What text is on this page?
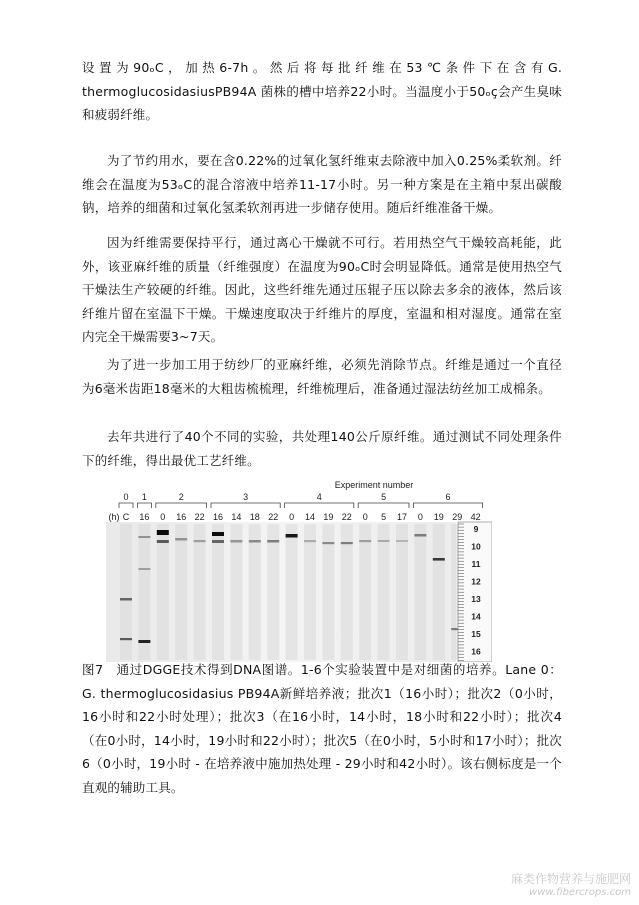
设置为90ₒC，加热6-7h。然后将每批纤维在53℃条件下在含有G. thermoglucosidasiusPB94A 菌株的槽中培养22小时。当温度小于50ₒç会产生臭味和疲弱纤维。

为了节约用水，要在含0.22%的过氧化氢纤维束去除液中加入0.25%柔软剂。纤维会在温度为53ₒC的混合溶液中培养11-17小时。另一种方案是在主箱中泵出碳酸钠，培养的细菌和过氧化氢柔软剂再进一步储存使用。随后纤维准备干燥。

因为纤维需要保持平行，通过离心干燥就不可行。若用热空气干燥较高耗能，此外，该亚麻纤维的质量（纤维强度）在温度为90ₒC时会明显降低。通常是使用热空气干燥法生产较硬的纤维。因此，这些纤维先通过压辊子压以除去多余的液体，然后该纤维片留在室温下干燥。干燥速度取决于纤维片的厚度，室温和相对湿度。通常在室内完全干燥需要3~7天。

为了进一步加工用于纺纱厂的亚麻纤维，必须先消除节点。纤维是通过一个直径为6毫米齿距18毫米的大粗齿梳梳理，纤维梳理后，准备通过湿法纺丝加工成棉条。

去年共进行了40个不同的实验，共处理140公斤原纤维。通过测试不同处理条件下的纤维，得出最优工艺纤维。

Experiment number
(h) C
0
16
1
0 16 22
2
16 14 18 22
3
0 14 19 22
4
0 5 17
5
0 19 29 42
6
9
10
11
12
13
14
15
16

图7　通过DGGE技术得到DNA图谱。1-6个实验装置中是对细菌的培养。Lane 0：G. thermoglucosidasius PB94A新鲜培养液；批次1（16小时）；批次2（0小时，16小时和22小时处理）；批次3（在16小时，14小时，18小时和22小时）；批次4（在0小时，14小时，19小时和22小时）；批次5（在0小时，5小时和17小时）；批次6（0小时，19小时 - 在培养液中施加热处理 - 29小时和42小时）。该右侧标度是一个直观的辅助工具。

麻类作物营养与施肥网
www.fibercrops.com
